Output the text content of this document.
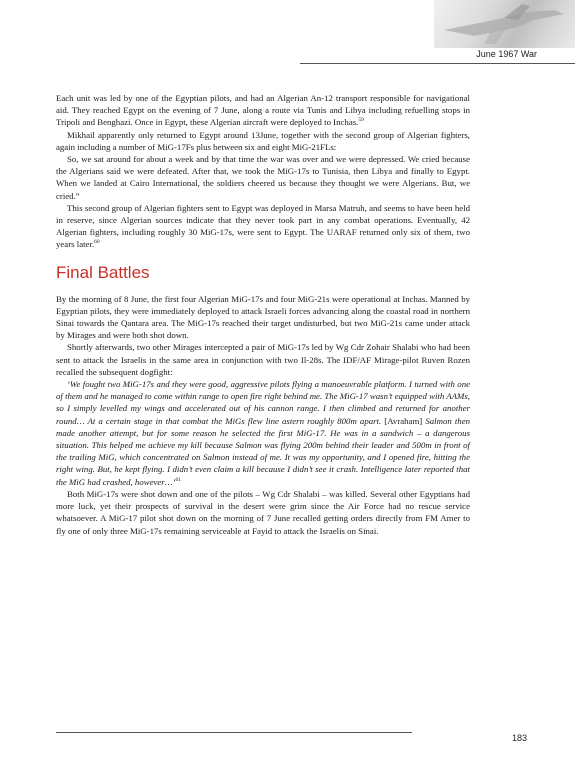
June 1967 War

Each unit was led by one of the Egyptian pilots, and had an Algerian An-12 transport responsible for navigational aid. They reached Egypt on the evening of 7 June, along a route via Tunis and Libya including refuelling stops in Tripoli and Benghazi. Once in Egypt, these Algerian aircraft were deployed to Inchas.$^{59}$

Mikhail apparently only returned to Egypt around 13June, together with the second group of Algerian fighters, again including a number of MiG-17Fs plus between six and eight MiG-21FLs:

So, we sat around for about a week and by that time the war was over and we were depressed. We cried because the Algerians said we were defeated. After that, we took the MiG-17s to Tunisia, then Libya and finally to Egypt. When we landed at Cairo International, the soldiers cheered us because they thought we were Algerians. But, we cried.”

This second group of Algerian fighters sent to Egypt was deployed in Marsa Matruh, and seems to have been held in reserve, since Algerian sources indicate that they never took part in any combat operations. Eventually, 42 Algerian fighters, including roughly 30 MiG-17s, were sent to Egypt. The UARAF returned only six of them, two years later.$^{60}$

Final Battles

By the morning of 8 June, the first four Algerian MiG-17s and four MiG-21s were operational at Inchas. Manned by Egyptian pilots, they were immediately deployed to attack Israeli forces advancing along the coastal road in northern Sinai towards the Qantara area. The MiG-17s reached their target undisturbed, but two MiG-21s came under attack by Mirages and were both shot down.

Shortly afterwards, two other Mirages intercepted a pair of MiG-17s led by Wg Cdr Zohair Shalabi who had been sent to attack the Israelis in the same area in conjunction with two Il-28s. The IDF/AF Mirage-pilot Ruven Rozen recalled the subsequent dogfight:

‘We fought two MiG-17s and they were good, aggressive pilots flying a manoeuvrable platform. I turned with one of them and he managed to come within range to open fire right behind me. The MiG-17 wasn’t equipped with AAMs, so I simply levelled my wings and accelerated out of his cannon range. I then climbed and returned for another round… At a certain stage in that combat the MiGs flew line astern roughly 800m apart. [Avraham] Salmon then made another attempt, but for some reason he selected the first MiG-17. He was in a sandwich – a dangerous situation. This helped me achieve my kill because Salmon was flying 200m behind their leader and 500m in front of the trailing MiG, which concentrated on Salmon instead of me. It was my opportunity, and I opened fire, hitting the right wing. But, he kept flying. I didn’t even claim a kill because I didn’t see it crash. Intelligence later reported that the MiG had crashed, however…’$^{61}$

Both MiG-17s were shot down and one of the pilots – Wg Cdr Shalabi – was killed. Several other Egyptians had more luck, yet their prospects of survival in the desert were grim since the Air Force had no rescue service whatsoever. A MiG-17 pilot shot down on the morning of 7 June recalled getting orders directly from FM Amer to fly one of only three MiG-17s remaining serviceable at Fayid to attack the Israelis on Sinai.

183
